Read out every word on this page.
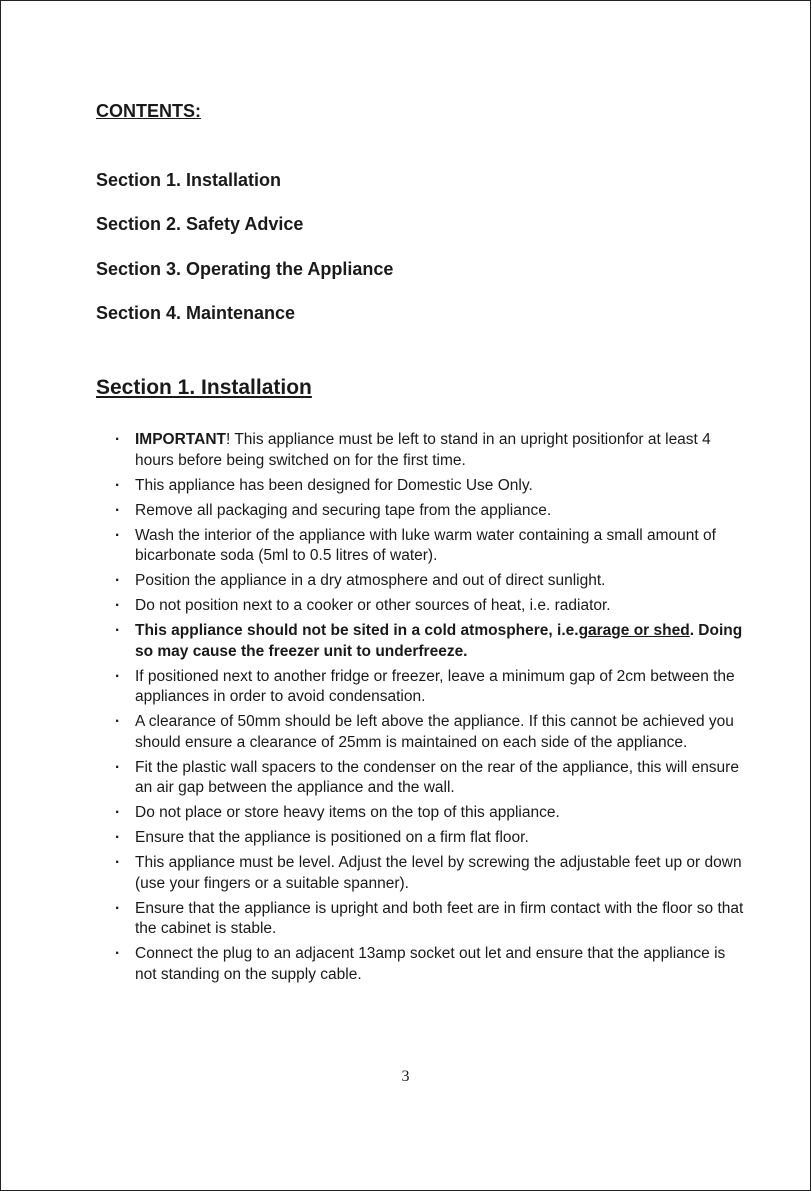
CONTENTS:
Section 1. Installation
Section 2. Safety Advice
Section 3. Operating the Appliance
Section 4. Maintenance
Section 1. Installation
· IMPORTANT! This appliance must be left to stand in an upright positionfor at least 4 hours before being switched on for the first time.
· This appliance has been designed for Domestic Use Only.
· Remove all packaging and securing tape from the appliance.
· Wash the interior of the appliance with luke warm water containing a small amount of bicarbonate soda (5ml to 0.5 litres of water).
· Position the appliance in a dry atmosphere and out of direct sunlight.
· Do not position next to a cooker or other sources of heat, i.e. radiator.
· This appliance should not be sited in a cold atmosphere, i.e.garage or shed. Doing so may cause the freezer unit to underfreeze.
· If positioned next to another fridge or freezer, leave a minimum gap of 2cm between the appliances in order to avoid condensation.
· A clearance of 50mm should be left above the appliance. If this cannot be achieved you should ensure a clearance of 25mm is maintained on each side of the appliance.
· Fit the plastic wall spacers to the condenser on the rear of the appliance, this will ensure an air gap between the appliance and the wall.
· Do not place or store heavy items on the top of this appliance.
· Ensure that the appliance is positioned on a firm flat floor.
· This appliance must be level. Adjust the level by screwing the adjustable feet up or down (use your fingers or a suitable spanner).
· Ensure that the appliance is upright and both feet are in firm contact with the floor so that the cabinet is stable.
· Connect the plug to an adjacent 13amp socket out let and ensure that the appliance is not standing on the supply cable.
3
